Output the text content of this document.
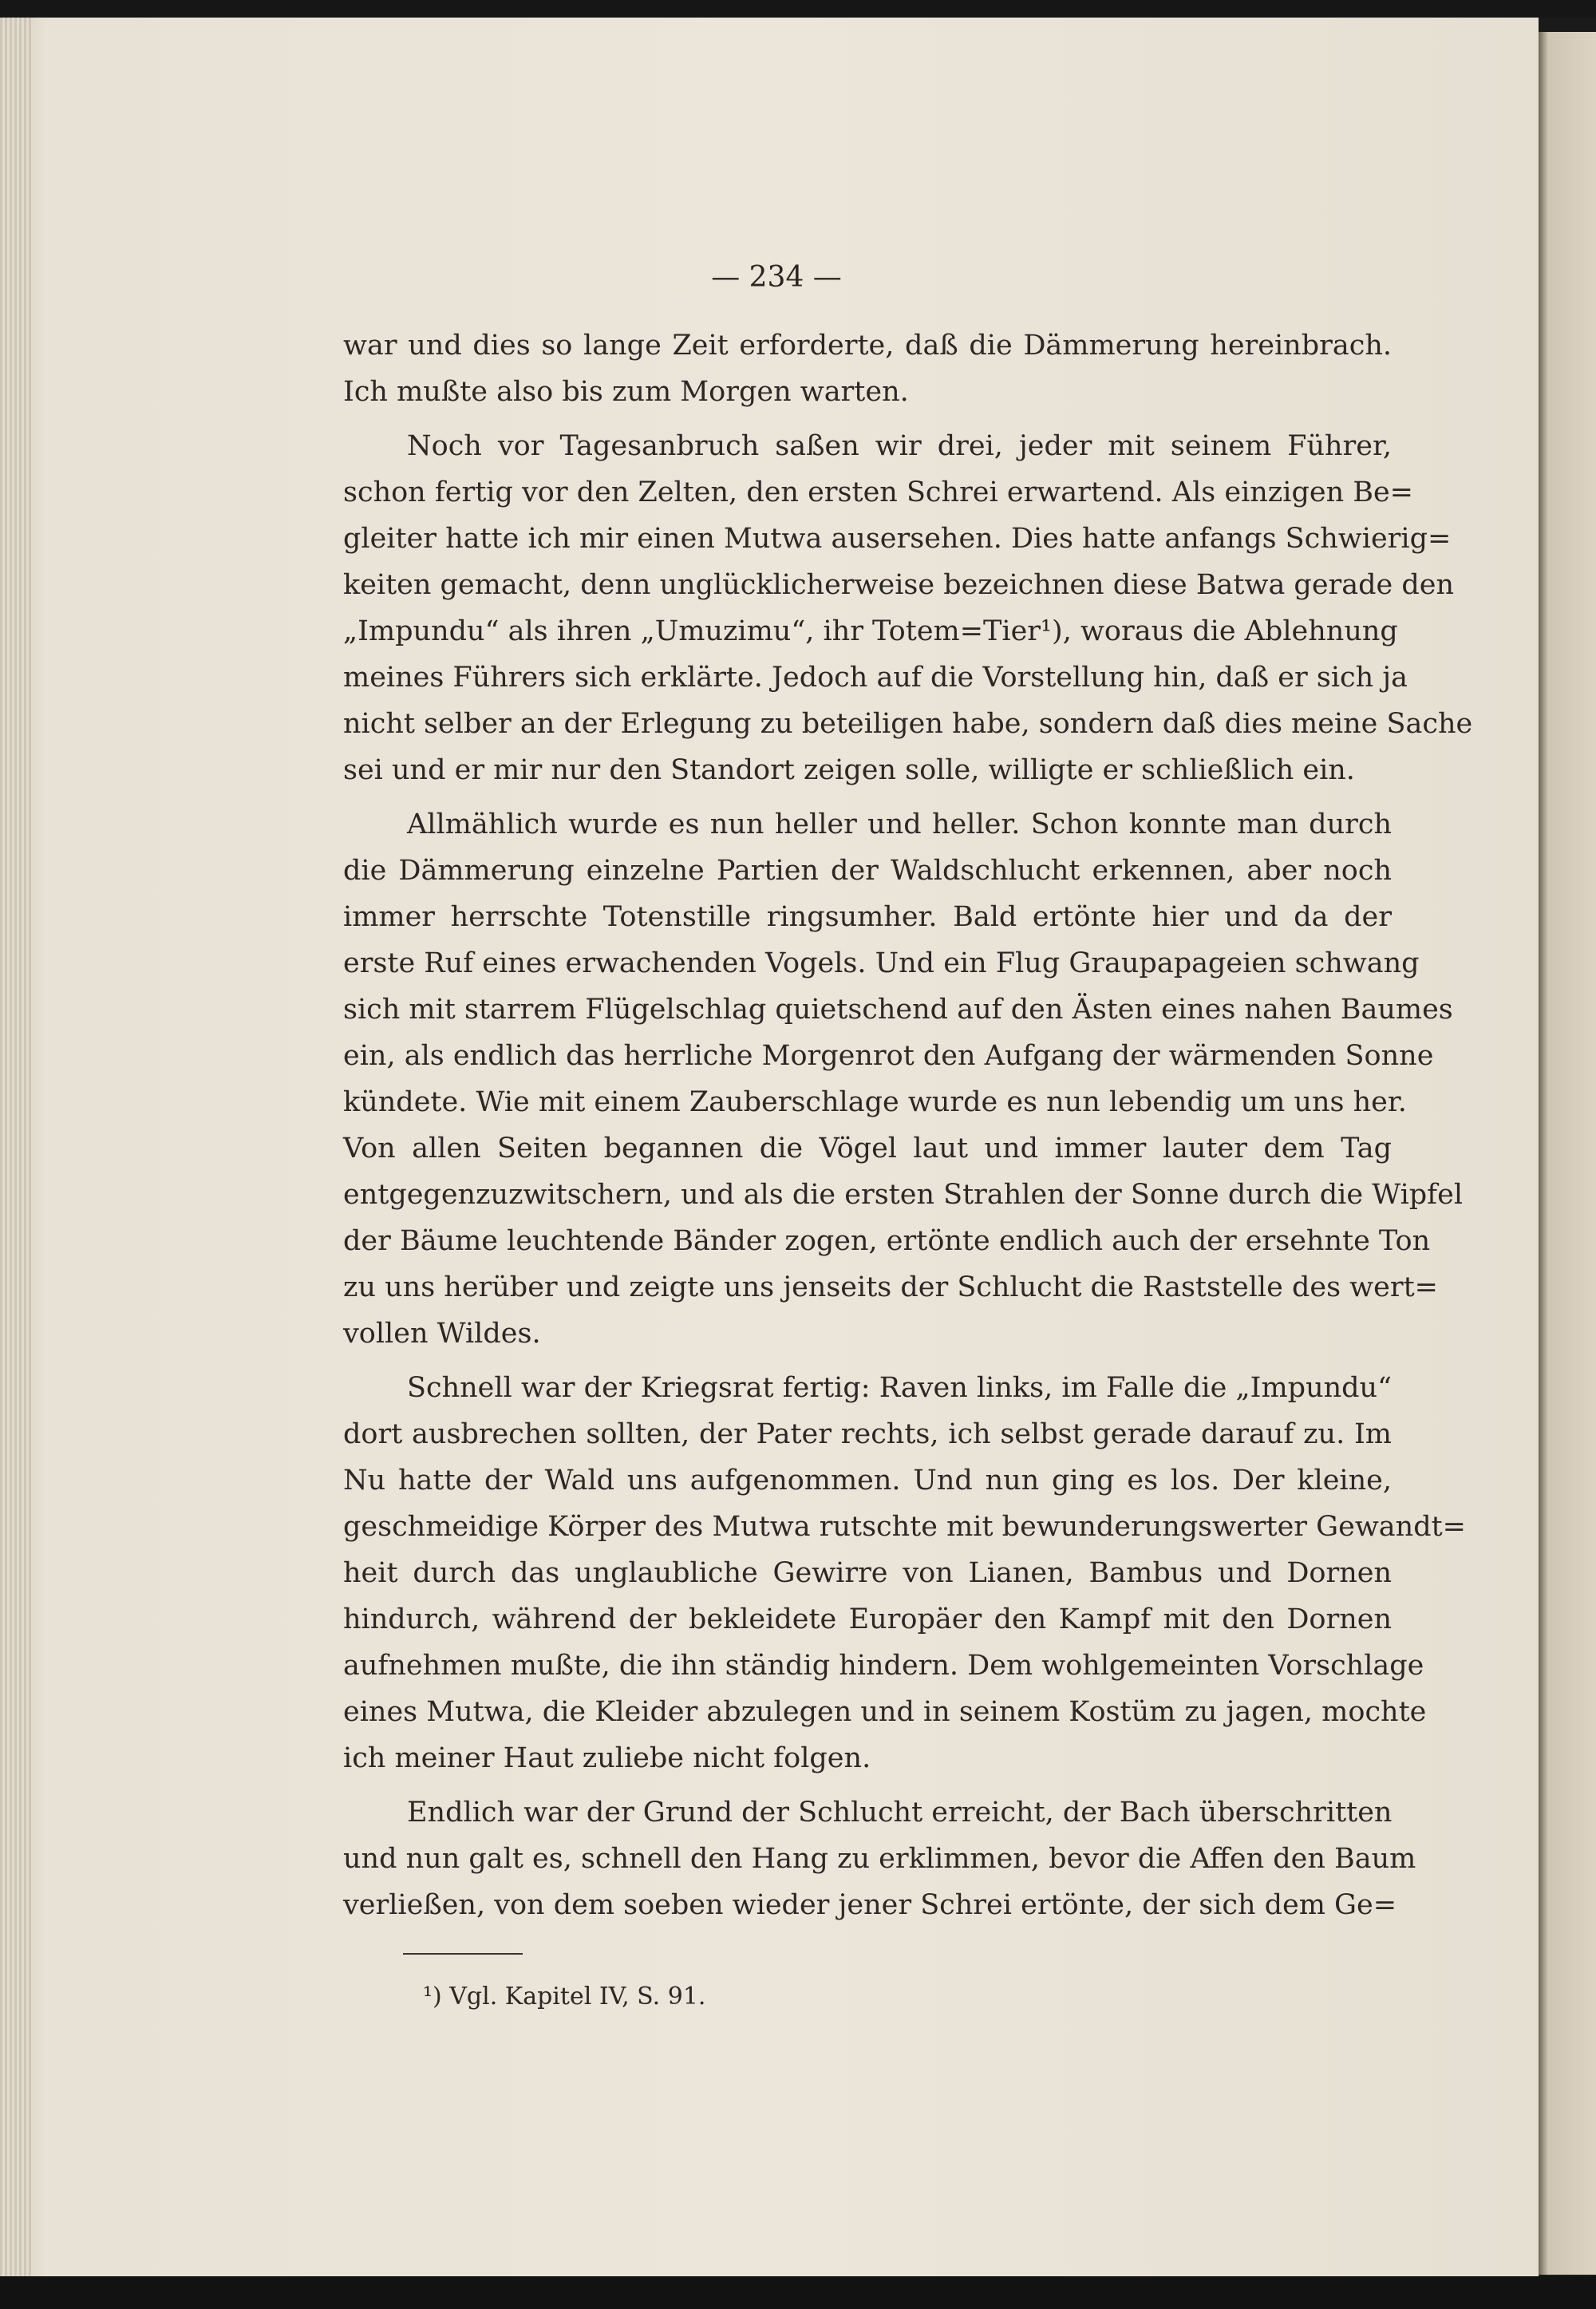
— 234 —
war und dies so lange Zeit erforderte, daß die Dämmerung hereinbrach.
Ich mußte also bis zum Morgen warten.
Noch vor Tagesanbruch saßen wir drei, jeder mit seinem Führer,
schon fertig vor den Zelten, den ersten Schrei erwartend. Als einzigen Be=
gleiter hatte ich mir einen Mutwa ausersehen. Dies hatte anfangs Schwierig=
keiten gemacht, denn unglücklicherweise bezeichnen diese Batwa gerade den
„Impundu“ als ihren „Umuzimu“, ihr Totem=Tier¹), woraus die Ablehnung
meines Führers sich erklärte. Jedoch auf die Vorstellung hin, daß er sich ja
nicht selber an der Erlegung zu beteiligen habe, sondern daß dies meine Sache
sei und er mir nur den Standort zeigen solle, willigte er schließlich ein.
Allmählich wurde es nun heller und heller. Schon konnte man durch
die Dämmerung einzelne Partien der Waldschlucht erkennen, aber noch
immer herrschte Totenstille ringsumher. Bald ertönte hier und da der
erste Ruf eines erwachenden Vogels. Und ein Flug Graupapageien schwang
sich mit starrem Flügelschlag quietschend auf den Ästen eines nahen Baumes
ein, als endlich das herrliche Morgenrot den Aufgang der wärmenden Sonne
kündete. Wie mit einem Zauberschlage wurde es nun lebendig um uns her.
Von allen Seiten begannen die Vögel laut und immer lauter dem Tag
entgegenzuzwitschern, und als die ersten Strahlen der Sonne durch die Wipfel
der Bäume leuchtende Bänder zogen, ertönte endlich auch der ersehnte Ton
zu uns herüber und zeigte uns jenseits der Schlucht die Raststelle des wert=
vollen Wildes.
Schnell war der Kriegsrat fertig: Raven links, im Falle die „Impundu“
dort ausbrechen sollten, der Pater rechts, ich selbst gerade darauf zu. Im
Nu hatte der Wald uns aufgenommen. Und nun ging es los. Der kleine,
geschmeidige Körper des Mutwa rutschte mit bewunderungswerter Gewandt=
heit durch das unglaubliche Gewirre von Lianen, Bambus und Dornen
hindurch, während der bekleidete Europäer den Kampf mit den Dornen
aufnehmen mußte, die ihn ständig hindern. Dem wohlgemeinten Vorschlage
eines Mutwa, die Kleider abzulegen und in seinem Kostüm zu jagen, mochte
ich meiner Haut zuliebe nicht folgen.
Endlich war der Grund der Schlucht erreicht, der Bach überschritten
und nun galt es, schnell den Hang zu erklimmen, bevor die Affen den Baum
verließen, von dem soeben wieder jener Schrei ertönte, der sich dem Ge=
¹) Vgl. Kapitel IV, S. 91.
